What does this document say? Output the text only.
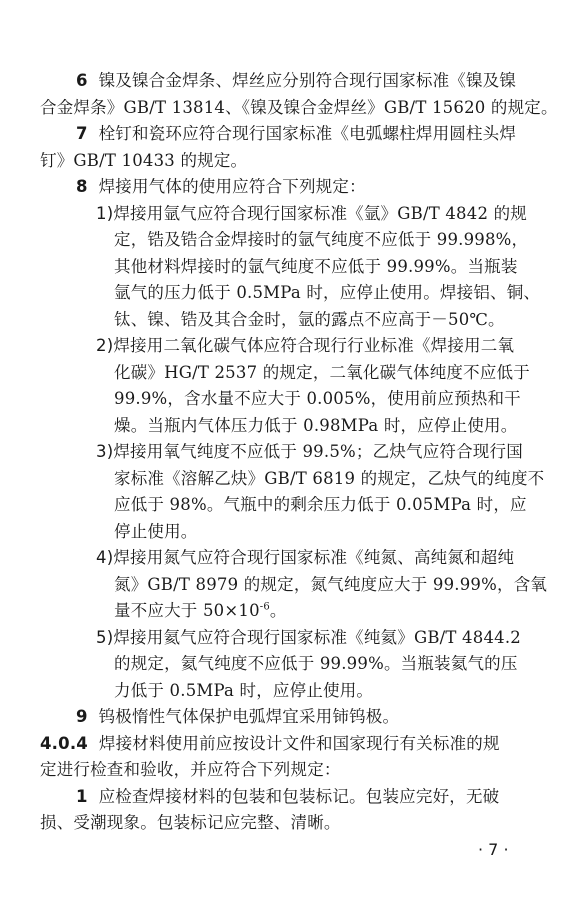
6 镍及镍合金焊条、焊丝应分别符合现行国家标准《镍及镍
合金焊条》GB/T 13814、《镍及镍合金焊丝》GB/T 15620 的规定。
7 栓钉和瓷环应符合现行国家标准《电弧螺柱焊用圆柱头焊
钉》GB/T 10433 的规定。
8 焊接用气体的使用应符合下列规定：
1)焊接用氩气应符合现行国家标准《氩》GB/T 4842 的规
定，锆及锆合金焊接时的氩气纯度不应低于 99.998%，
其他材料焊接时的氩气纯度不应低于 99.99%。当瓶装
氩气的压力低于 0.5MPa 时，应停止使用。焊接铝、铜、
钛、镍、锆及其合金时，氩的露点不应高于－50℃。
2)焊接用二氧化碳气体应符合现行行业标准《焊接用二氧
化碳》HG/T 2537 的规定，二氧化碳气体纯度不应低于
99.9%，含水量不应大于 0.005%，使用前应预热和干
燥。当瓶内气体压力低于 0.98MPa 时，应停止使用。
3)焊接用氧气纯度不应低于 99.5%；乙炔气应符合现行国
家标准《溶解乙炔》GB/T 6819 的规定，乙炔气的纯度不
应低于 98%。气瓶中的剩余压力低于 0.05MPa 时，应
停止使用。
4)焊接用氮气应符合现行国家标准《纯氮、高纯氮和超纯
氮》GB/T 8979 的规定，氮气纯度应大于 99.99%，含氧
量不应大于 $50\times 10^{-6}$。
5)焊接用氦气应符合现行国家标准《纯氦》GB/T 4844.2
的规定，氦气纯度不应低于 99.99%。当瓶装氦气的压
力低于 0.5MPa 时，应停止使用。
9 钨极惰性气体保护电弧焊宜采用铈钨极。
4.0.4 焊接材料使用前应按设计文件和国家现行有关标准的规
定进行检查和验收，并应符合下列规定：
1 应检查焊接材料的包装和包装标记。包装应完好，无破
损、受潮现象。包装标记应完整、清晰。
· 7 ·
